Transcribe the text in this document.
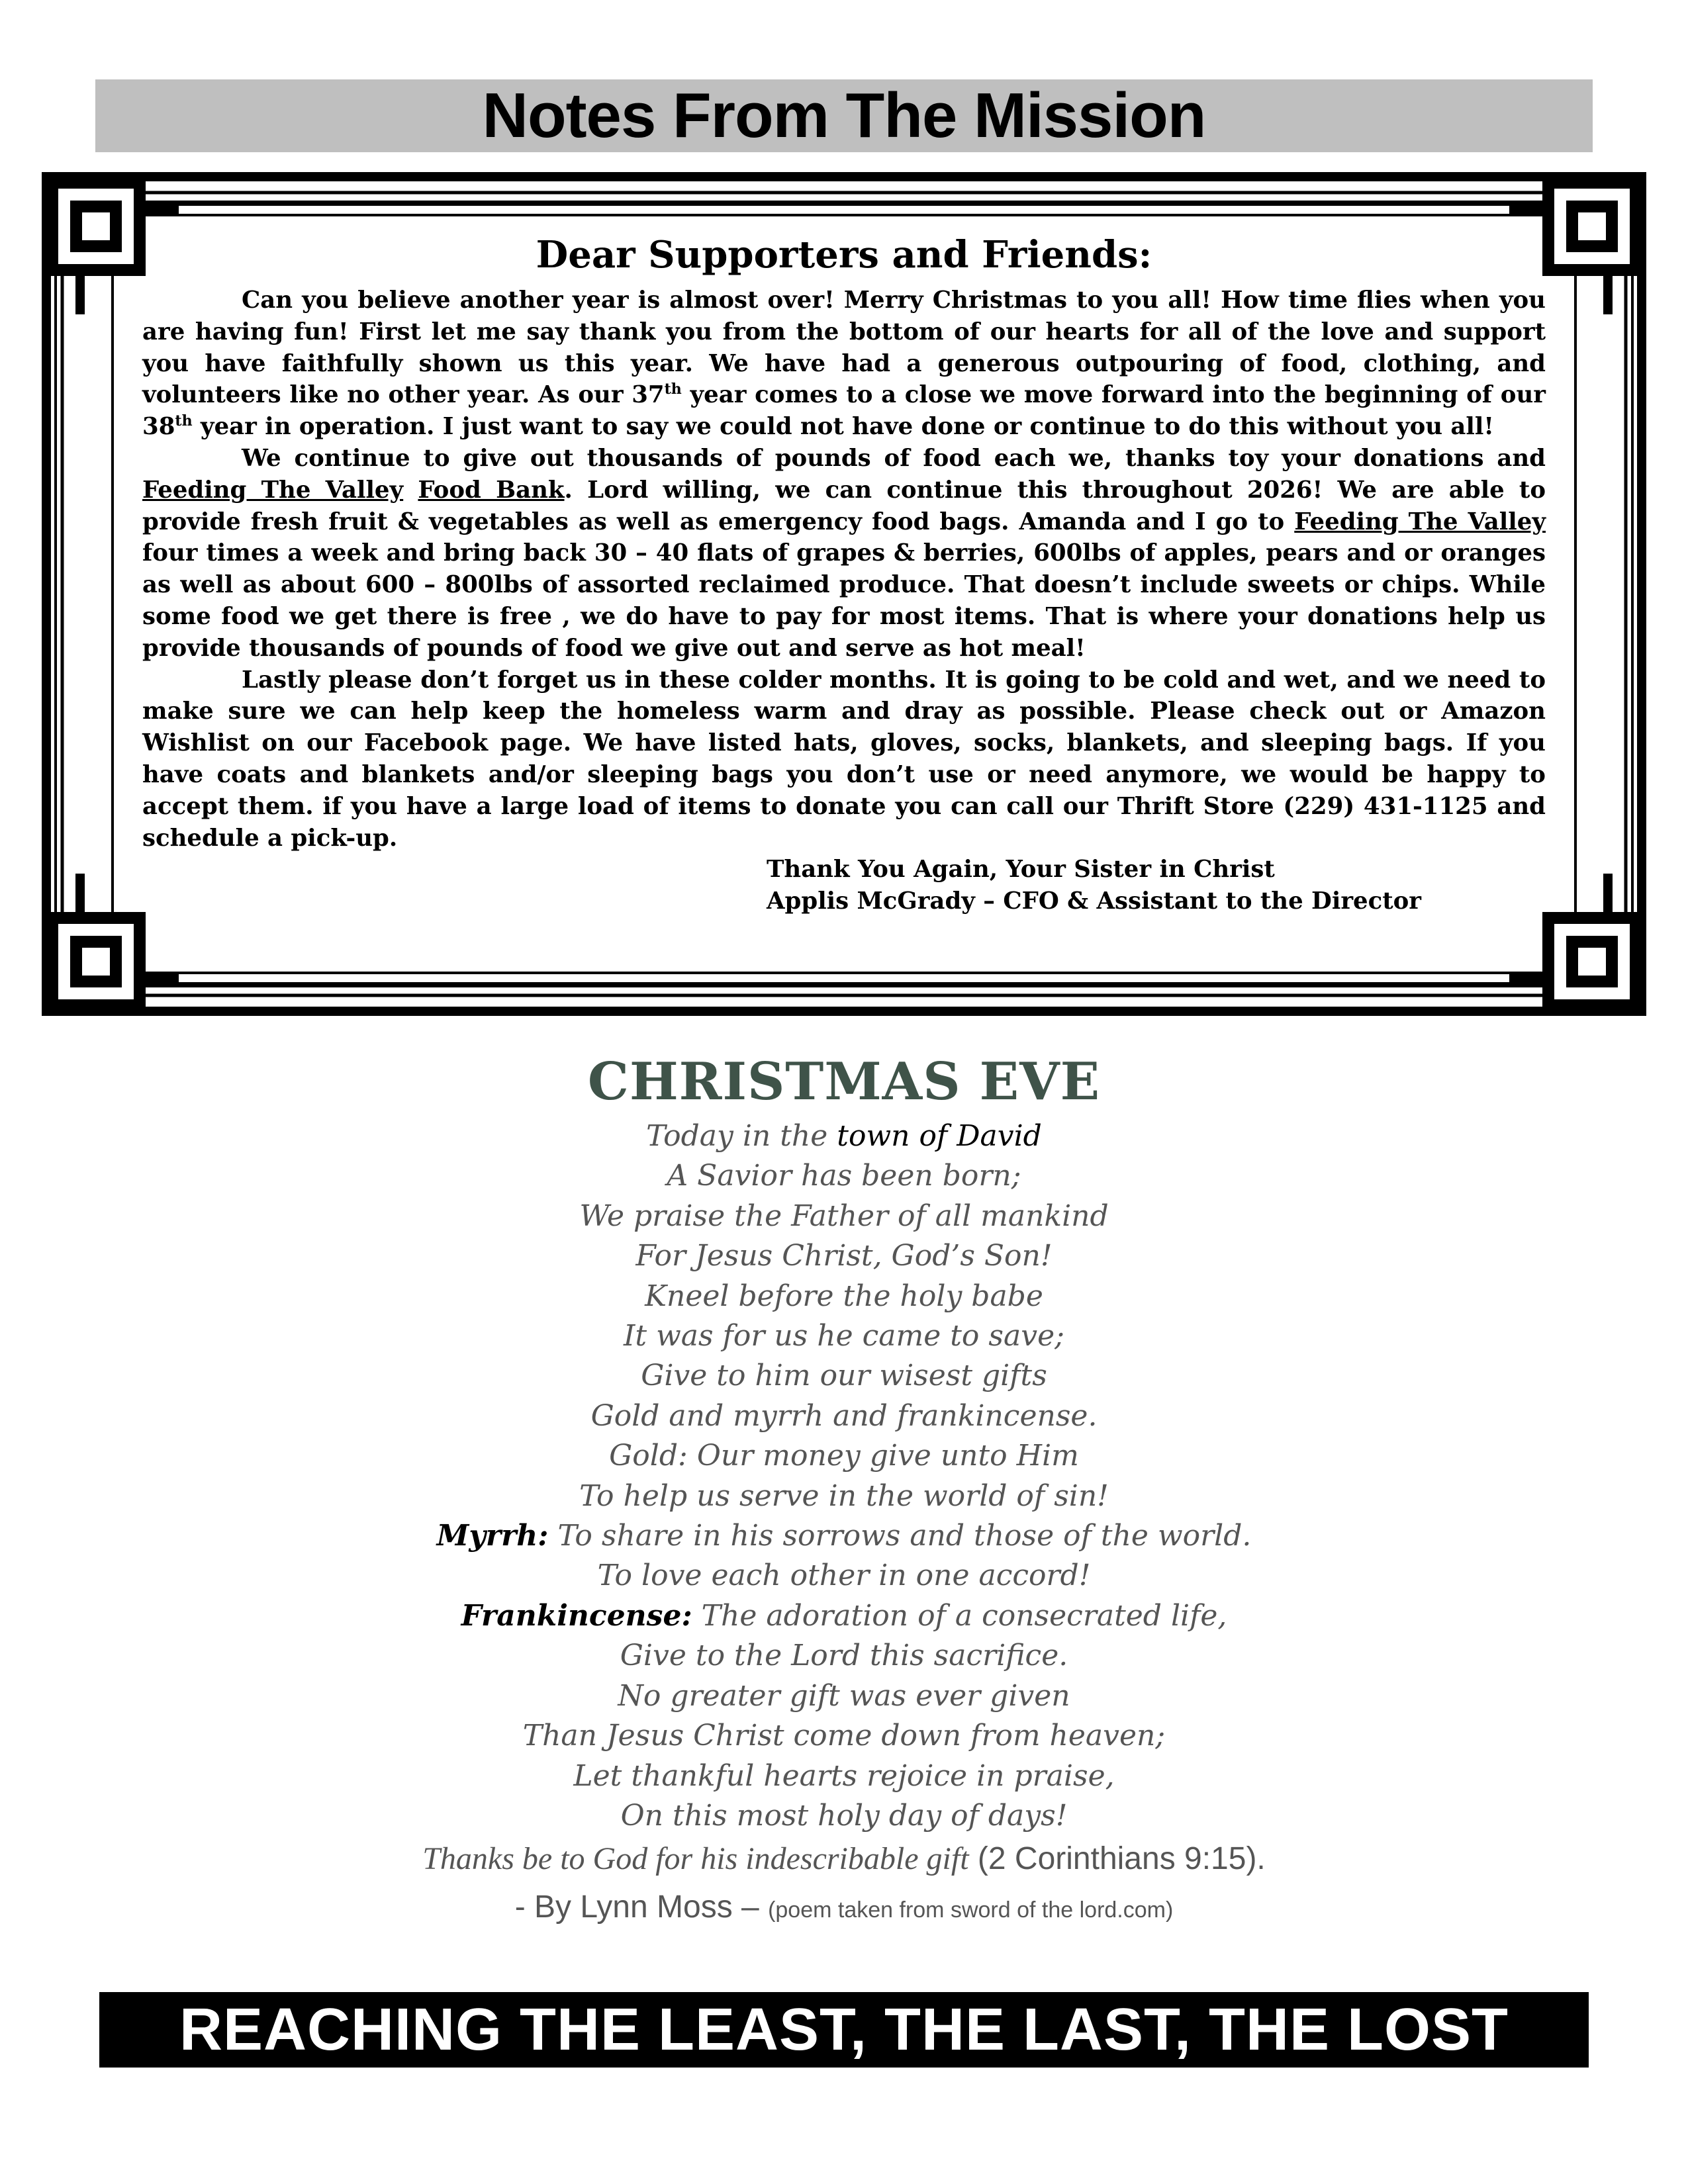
Notes From The Mission
Dear Supporters and Friends:

Can you believe another year is almost over! Merry Christmas to you all! How time flies when you are having fun! First let me say thank you from the bottom of our hearts for all of the love and support you have faithfully shown us this year. We have had a generous outpouring of food, clothing, and volunteers like no other year. As our 37th year comes to a close we move forward into the beginning of our 38th year in operation. I just want to say we could not have done or continue to do this without you all!

We continue to give out thousands of pounds of food each we, thanks toy your donations and Feeding The Valley Food Bank. Lord willing, we can continue this throughout 2026! We are able to provide fresh fruit & vegetables as well as emergency food bags. Amanda and I go to Feeding The Valley four times a week and bring back 30 – 40 flats of grapes & berries, 600lbs of apples, pears and or oranges as well as about 600 – 800lbs of assorted reclaimed produce. That doesn’t include sweets or chips. While some food we get there is free , we do have to pay for most items. That is where your donations help us provide thousands of pounds of food we give out and serve as hot meal!

Lastly please don’t forget us in these colder months. It is going to be cold and wet, and we need to make sure we can help keep the homeless warm and dray as possible. Please check out or Amazon Wishlist on our Facebook page. We have listed hats, gloves, socks, blankets, and sleeping bags. If you have coats and blankets and/or sleeping bags you don’t use or need anymore, we would be happy to accept them. if you have a large load of items to donate you can call our Thrift Store (229) 431-1125 and schedule a pick-up.

Thank You Again, Your Sister in Christ
Applis McGrady – CFO & Assistant to the Director
CHRISTMAS EVE
Today in the town of David
A Savior has been born;
We praise the Father of all mankind
For Jesus Christ, God’s Son!
Kneel before the holy babe
It was for us he came to save;
Give to him our wisest gifts
Gold and myrrh and frankincense.
Gold: Our money give unto Him
To help us serve in the world of sin!
Myrrh: To share in his sorrows and those of the world.
To love each other in one accord!
Frankincense: The adoration of a consecrated life,
Give to the Lord this sacrifice.
No greater gift was ever given
Than Jesus Christ come down from heaven;
Let thankful hearts rejoice in praise,
On this most holy day of days!
Thanks be to God for his indescribable gift (2 Corinthians 9:15).
- By Lynn Moss – (poem taken from sword of the lord.com)
REACHING THE LEAST, THE LAST, THE LOST
